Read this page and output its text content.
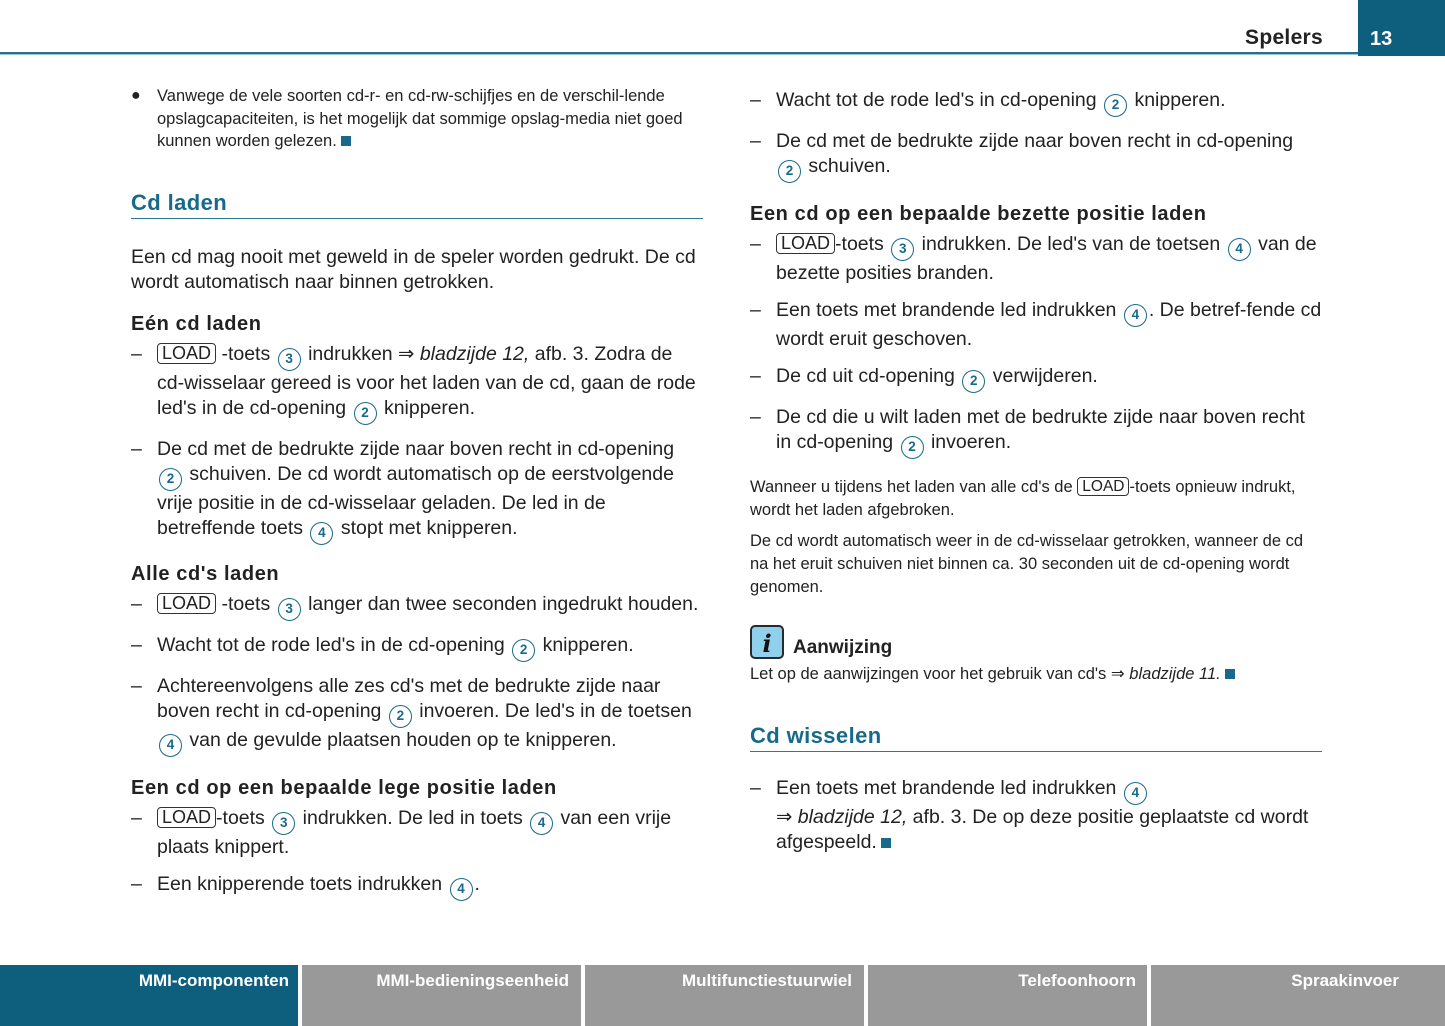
Spelers 13
● Vanwege de vele soorten cd-r- en cd-rw-schijfjes en de verschil-lende opslagcapaciteiten, is het mogelijk dat sommige opslag-media niet goed kunnen worden gelezen.
Cd laden
Een cd mag nooit met geweld in de speler worden gedrukt. De cd wordt automatisch naar binnen getrokken.
Eén cd laden
– LOAD -toets 3 indrukken ⇒ bladzijde 12, afb. 3. Zodra de cd-wisselaar gereed is voor het laden van de cd, gaan de rode led's in de cd-opening 2 knipperen.
– De cd met de bedrukte zijde naar boven recht in cd-opening 2 schuiven. De cd wordt automatisch op de eerstvolgende vrije positie in de cd-wisselaar geladen. De led in de betreffende toets 4 stopt met knipperen.
Alle cd's laden
– LOAD -toets 3 langer dan twee seconden ingedrukt houden.
– Wacht tot de rode led's in de cd-opening 2 knipperen.
– Achtereenvolgens alle zes cd's met de bedrukte zijde naar boven recht in cd-opening 2 invoeren. De led's in de toetsen 4 van de gevulde plaatsen houden op te knipperen.
Een cd op een bepaalde lege positie laden
– LOAD -toets 3 indrukken. De led in toets 4 van een vrije plaats knippert.
– Een knipperende toets indrukken 4 .
– Wacht tot de rode led's in cd-opening 2 knipperen.
– De cd met de bedrukte zijde naar boven recht in cd-opening 2 schuiven.
Een cd op een bepaalde bezette positie laden
– LOAD -toets 3 indrukken. De led's van de toetsen 4 van de bezette posities branden.
– Een toets met brandende led indrukken 4 . De betref-fende cd wordt eruit geschoven.
– De cd uit cd-opening 2 verwijderen.
– De cd die u wilt laden met de bedrukte zijde naar boven recht in cd-opening 2 invoeren.
Wanneer u tijdens het laden van alle cd's de LOAD -toets opnieuw indrukt, wordt het laden afgebroken.
De cd wordt automatisch weer in de cd-wisselaar getrokken, wanneer de cd na het eruit schuiven niet binnen ca. 30 seconden uit de cd-opening wordt genomen.
i	Aanwijzing
Let op de aanwijzingen voor het gebruik van cd's ⇒ bladzijde 11.
Cd wisselen
– Een toets met brandende led indrukken 4
⇒ bladzijde 12, afb. 3. De op deze positie geplaatste cd wordt afgespeeld.
MMI-componenten	MMI-bedieningseenheid	Multifunctiestuurwiel	Telefoonhoorn	Spraakinvoer
